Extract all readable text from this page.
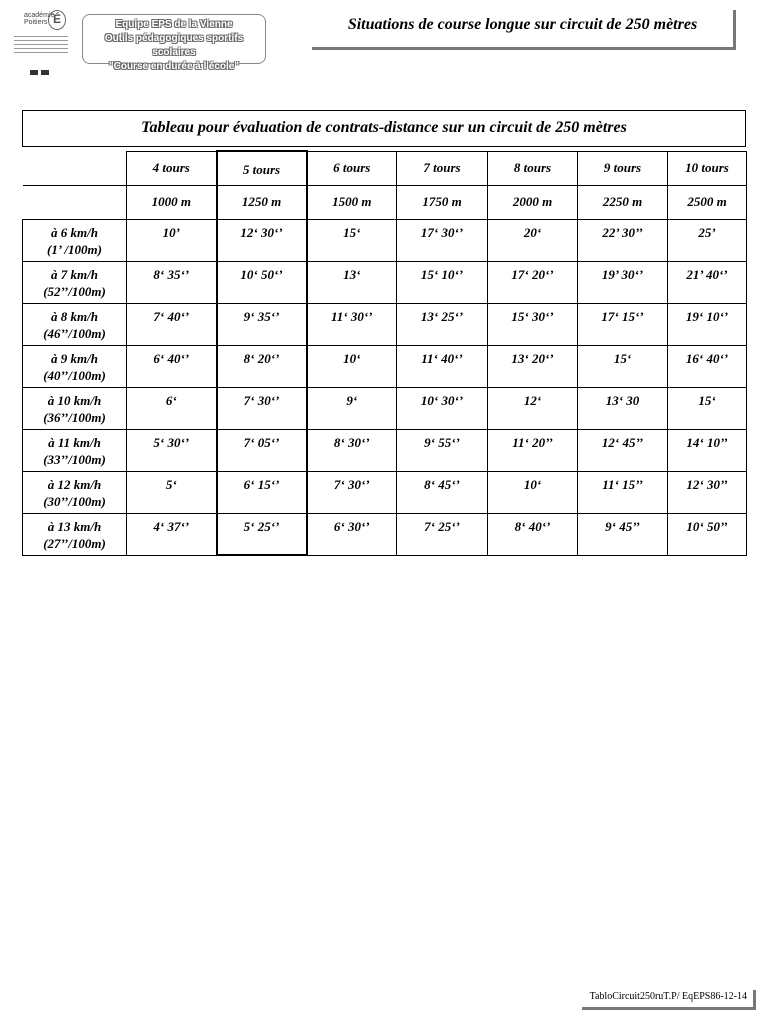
académie
Poitiers É	Equipe EPS de la Vienne
Outils pédagogiques sportifs scolaires
"Course en durée à l'école"
Situations de course longue sur circuit de 250 mètres
Tableau pour évaluation de contrats-distance sur un circuit de 250 mètres
	4 tours	5 tours	6 tours	7 tours	8 tours	9 tours	10 tours
	1000 m	1250 m	1500 m	1750 m	2000 m	2250 m	2500 m

à 6 km/h
(1’ /100m)	10’	12‘ 30‘’	15‘	17‘ 30‘’	20‘	22’ 30’’	25’

à 7 km/h
(52’’/100m)	8‘ 35‘’	10‘ 50‘’	13‘	15‘ 10‘’	17‘ 20‘’	19’ 30‘’	21’ 40‘’

à 8 km/h
(46’’/100m)	7‘ 40‘’	9‘ 35‘’	11‘ 30‘’	13‘ 25‘’	15‘ 30‘’	17‘ 15‘’	19‘ 10‘’

à 9 km/h
(40’’/100m)	6‘ 40‘’	8‘ 20‘’	10‘	11‘ 40‘’	13‘ 20‘’	15‘	16‘ 40‘’

à 10 km/h
(36’’/100m)	6‘	7‘ 30‘’	9‘	10‘ 30‘’	12‘	13‘ 30	15‘

à 11 km/h
(33’’/100m)	5‘ 30‘’	7‘ 05‘’	8‘ 30‘’	9‘ 55‘’	11‘ 20’’	12‘ 45’’	14‘ 10’’

à 12 km/h
(30’’/100m)	5‘	6‘ 15‘’	7‘ 30‘’	8‘ 45‘’	10‘	11‘ 15’’	12‘ 30’’

à 13 km/h
(27’’/100m)	4‘ 37‘’	5‘ 25‘’	6‘ 30‘’	7‘ 25‘’	8‘ 40‘’	9‘ 45’’	10‘ 50’’
TabloCircuit250ruT.P/ EqEPS86-12-14
